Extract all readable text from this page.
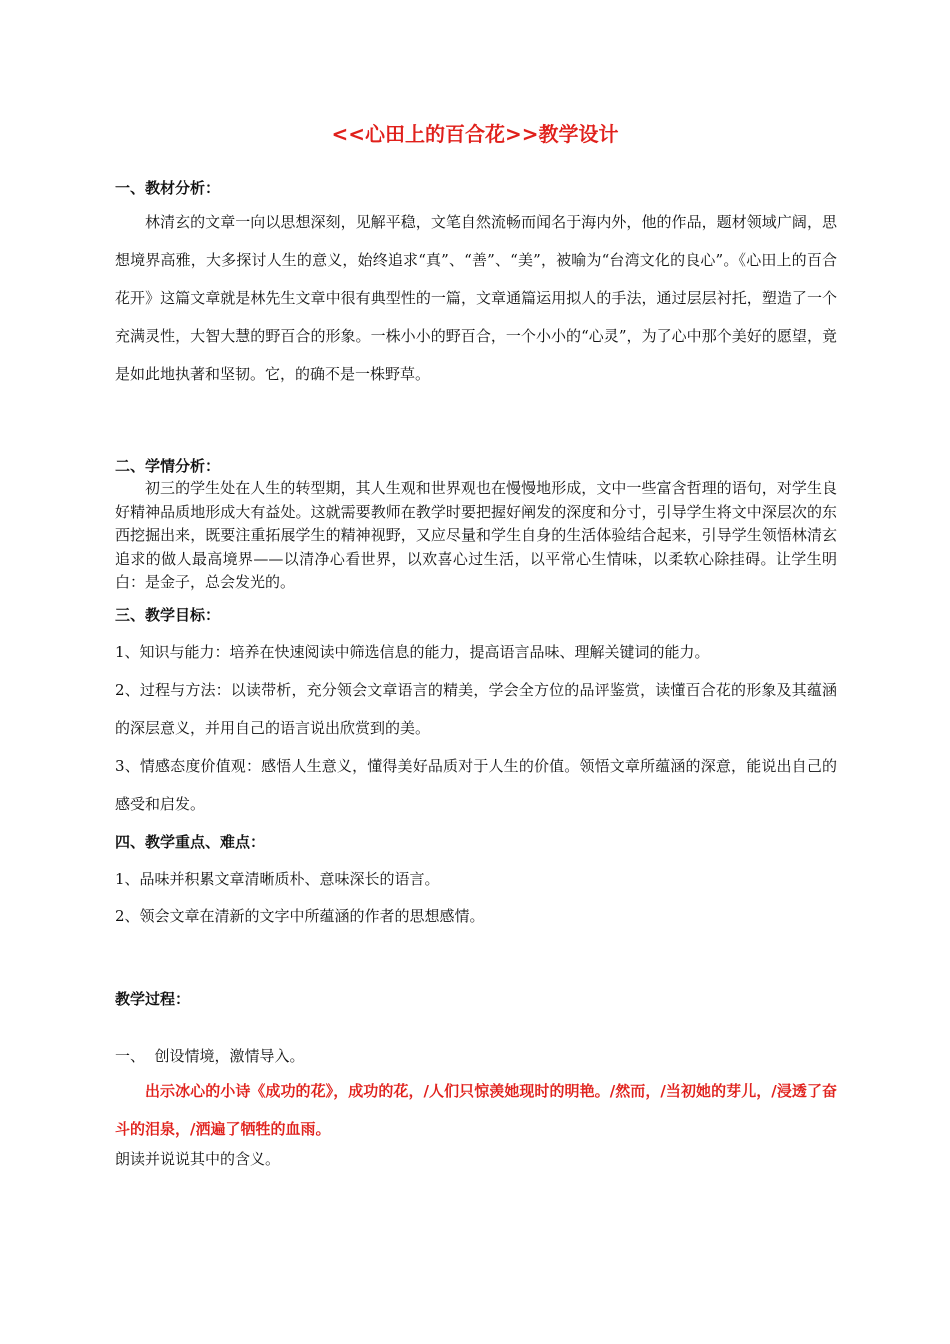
<<心田上的百合花>>教学设计
一、教材分析：
林清玄的文章一向以思想深刻，见解平稳，文笔自然流畅而闻名于海内外，他的作品，题材领域广阔，思想境界高雅，大多探讨人生的意义，始终追求“真”、“善”、“美”，被喻为“台湾文化的良心”。《心田上的百合花开》这篇文章就是林先生文章中很有典型性的一篇，文章通篇运用拟人的手法，通过层层衬托，塑造了一个充满灵性，大智大慧的野百合的形象。一株小小的野百合，一个小小的“心灵”，为了心中那个美好的愿望，竟是如此地执著和坚韧。它，的确不是一株野草。
二、学情分析：
初三的学生处在人生的转型期，其人生观和世界观也在慢慢地形成，文中一些富含哲理的语句，对学生良好精神品质地形成大有益处。这就需要教师在教学时要把握好阐发的深度和分寸，引导学生将文中深层次的东西挖掘出来，既要注重拓展学生的精神视野，又应尽量和学生自身的生活体验结合起来，引导学生领悟林清玄追求的做人最高境界——以清净心看世界，以欢喜心过生活，以平常心生情味，以柔软心除挂碍。让学生明白：是金子，总会发光的。
三、教学目标：
1、知识与能力：培养在快速阅读中筛选信息的能力，提高语言品味、理解关键词的能力。
2、过程与方法：以读带析，充分领会文章语言的精美，学会全方位的品评鉴赏，读懂百合花的形象及其蕴涵的深层意义，并用自己的语言说出欣赏到的美。
3、情感态度价值观：感悟人生意义，懂得美好品质对于人生的价值。领悟文章所蕴涵的深意，能说出自己的感受和启发。
四、教学重点、难点：
1、品味并积累文章清晰质朴、意味深长的语言。
2、领会文章在清新的文字中所蕴涵的作者的思想感情。
教学过程：
一、  创设情境，激情导入。
出示冰心的小诗《成功的花》，成功的花，/人们只惊羡她现时的明艳。/然而，/当初她的芽儿，/浸透了奋斗的泪泉，/洒遍了牺牲的血雨。
朗读并说说其中的含义。
